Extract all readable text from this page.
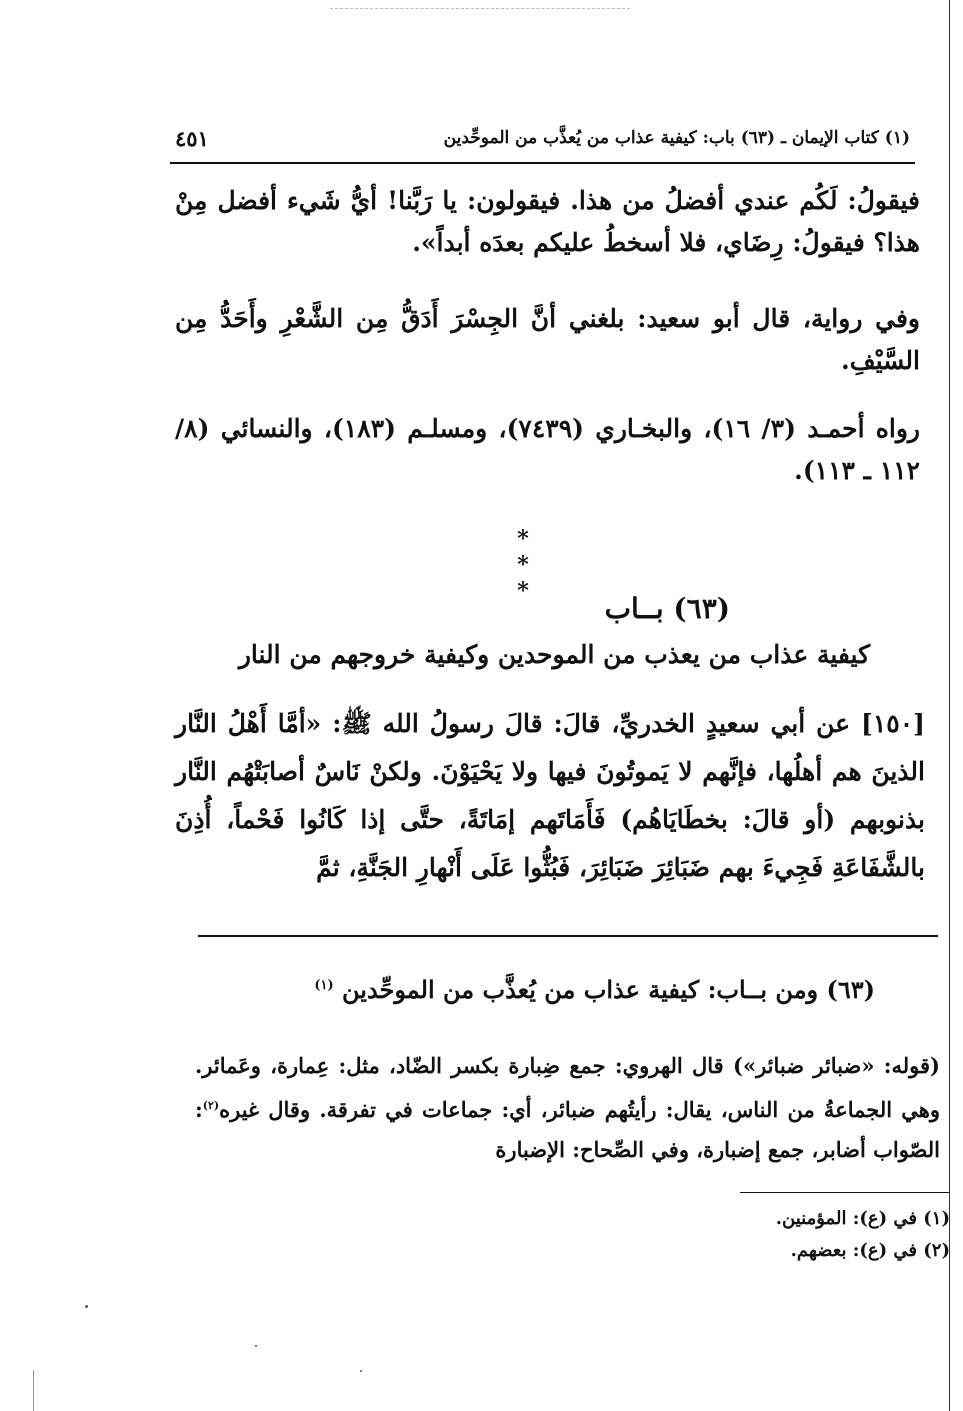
٤٥١	(١) كتاب الإيمان ـ (٦٣) باب: كيفية عذاب من يُعذَّب من الموحِّدين
فيقولُ: لَكُم عندي أفضلُ من هذا. فيقولون: يا رَبَّنا! أيُّ شَيء أفضل مِنْ هذا؟ فيقولُ: رِضَاي، فلا أسخطُ عليكم بعدَه أبداً».
وفي رواية، قال أبو سعيد: بلغني أنَّ الجِسْرَ أَدَقُّ مِن الشَّعْرِ وأَحَدُّ مِن السَّيْفِ.
رواه أحمـد (٣/ ١٦)، والبخـاري (٧٤٣٩)، ومسلـم (١٨٣)، والنسائي (٨/ ١١٢ ـ ١١٣).
* * *
(٦٣) بــاب
كيفية عذاب من يعذب من الموحدين وكيفية خروجهم من النار
[١٥٠] عن أبي سعيدٍ الخدريِّ، قالَ: قالَ رسولُ الله ﷺ: «أمَّا أَهْلُ النَّار الذينَ هم أهلُها، فإنَّهم لا يَموتُونَ فيها ولا يَحْيَوْنَ. ولكنْ نَاسٌ أصابَتْهُم النَّار بذنوبهم (أو قالَ: بخطَايَاهُم) فَأَمَاتَهم إمَاتَةً، حتَّى إذا كَانُوا فَحْماً، أُذِنَ بالشَّفَاعَةِ فَجِيءَ بهم ضَبَائِرَ ضَبَائِرَ، فَبُثُّوا عَلَى أَنْهارِ الجَنَّةِ، ثمَّ
(٦٣) ومن بــاب: كيفية عذاب من يُعذَّب من الموحِّدين $^{(١)}$
(قوله: «ضبائر ضبائر») قال الهروي: جمع ضِبارة بكسر الضّاد، مثل: عِمارة، وعَمائر. وهي الجماعةُ من الناس، يقال: رأيتُهم ضبائر، أي: جماعات في تفرقة. وقال غيره$^{(٢)}$: الصّواب أضابر، جمع إضبارة، وفي الصِّحاح: الإضبارة
(١) في (ع): المؤمنين.
(٢) في (ع): بعضهم.
